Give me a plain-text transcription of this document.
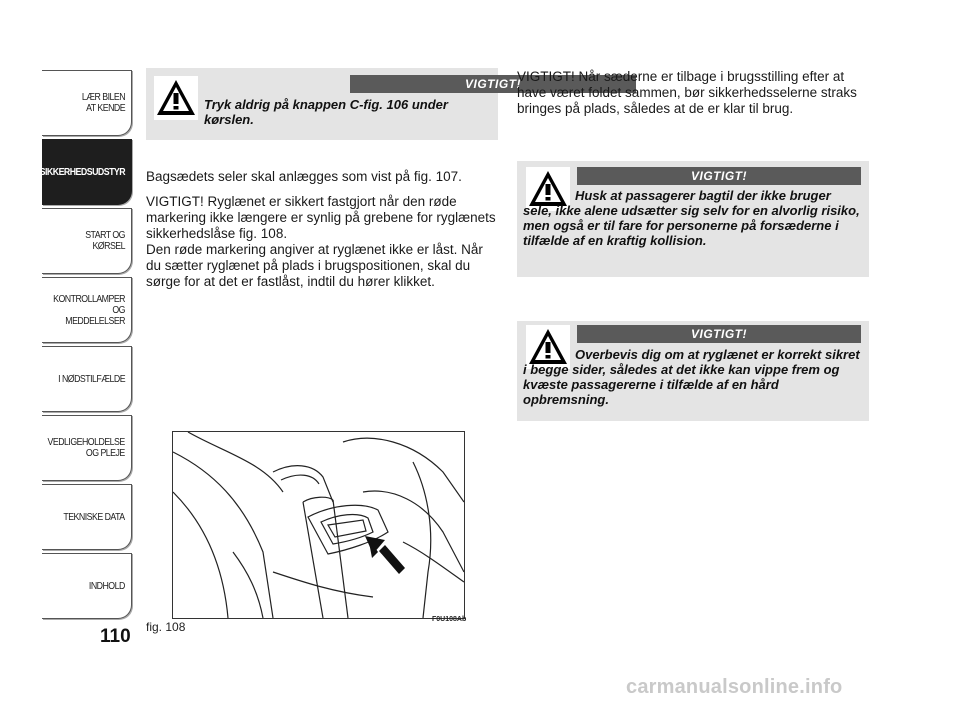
LÆR BILEN
AT KENDE
SIKKERHEDSUDSTYR
START OG KØRSEL
KONTROLLAMPER
OG MEDDELELSER
I NØDSTILFÆLDE
VEDLIGEHOLDELSE
OG PLEJE
TEKNISKE DATA
INDHOLD
110
VIGTIGT!
Tryk aldrig på knappen C-fig. 106 under kørslen.

Bagsædets seler skal anlægges som vist på fig. 107.

VIGTIGT! Ryglænet er sikkert fastgjort når den røde markering ikke længere er synlig på grebene for ryglænets sikkerhedslåse fig. 108.

Den røde markering angiver at ryglænet ikke er låst. Når du sætter ryglænet på plads i brugspositionen, skal du sørge for at det er fastlåst, indtil du hører klikket.

VIGTIGT! Når sæderne er tilbage i brugsstilling efter at have været foldet sammen, bør sikkerhedsselerne straks bringes på plads, således at de er klar til brug.

VIGTIGT!
Husk at passagerer bagtil der ikke bruger sele, ikke alene udsætter sig selv for en alvorlig risiko, men også er til fare for personerne på forsæderne i tilfælde af en kraftig kollision.
VIGTIGT!
Overbevis dig om at ryglænet er korrekt sikret i begge sider, således at det ikke kan vippe frem og kvæste passagererne i tilfælde af en hård opbremsning.
fig. 108
F0U108Ab
carmanualsonline.info
